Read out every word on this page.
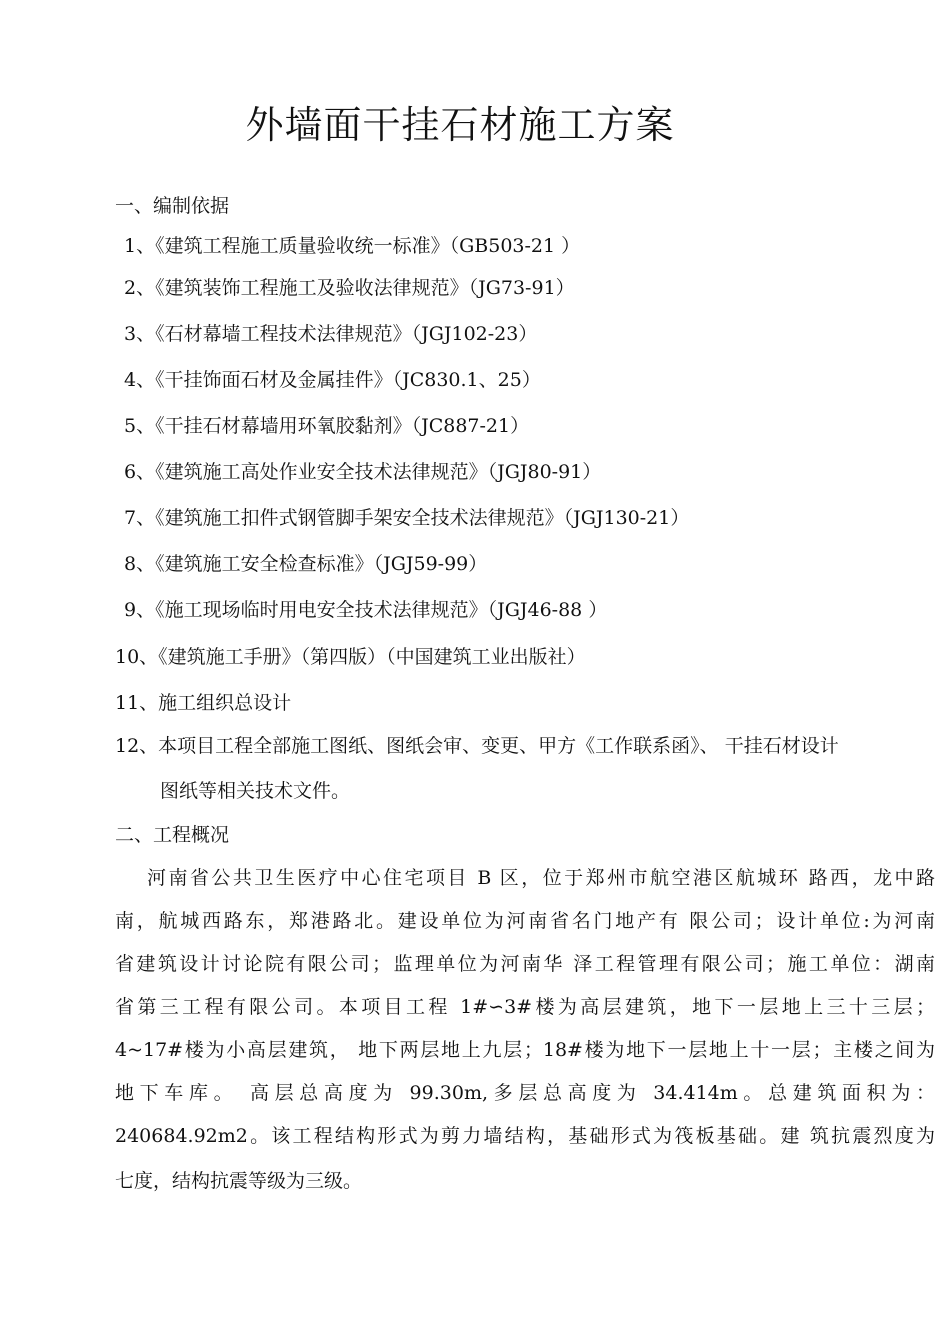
外墙面干挂石材施工方案
一、编制依据
1、《建筑工程施工质量验收统一标准》（GB503-21 ）
2、《建筑装饰工程施工及验收法律规范》（JG73-91）
3、《石材幕墙工程技术法律规范》（JGJ102-23）
4、《干挂饰面石材及金属挂件》（JC830.1、25）
5、《干挂石材幕墙用环氧胶黏剂》（JC887-21）
6、《建筑施工高处作业安全技术法律规范》（JGJ80-91）
7、《建筑施工扣件式钢管脚手架安全技术法律规范》（JGJ130-21）
8、《建筑施工安全检查标准》（JGJ59-99）
9、《施工现场临时用电安全技术法律规范》（JGJ46-88 ）
10、《建筑施工手册》（第四版）（中国建筑工业出版社）
11、施工组织总设计
12、本项目工程全部施工图纸、图纸会审、变更、甲方《工作联系函》、 干挂石材设计
图纸等相关技术文件。
二、工程概况
河南省公共卫生医疗中心住宅项目 B 区，位于郑州市航空港区航城环 路西，龙中路
南，航城西路东，郑港路北。建设单位为河南省名门地产有 限公司；设计单位:为河南
省建筑设计讨论院有限公司；监理单位为河南华 泽工程管理有限公司；施工单位：湖南
省第三工程有限公司。本项目工程 1#∽3#楼为高层建筑，地下一层地上三十三层；
4~17#楼为小高层建筑， 地下两层地上九层；18#楼为地下一层地上十一层；主楼之间为
地下车库。 高层总高度为 99.30m,多层总高度为 34.414m。总建筑面积为：
240684.92m2。该工程结构形式为剪力墙结构，基础形式为筏板基础。建 筑抗震烈度为
七度，结构抗震等级为三级。
